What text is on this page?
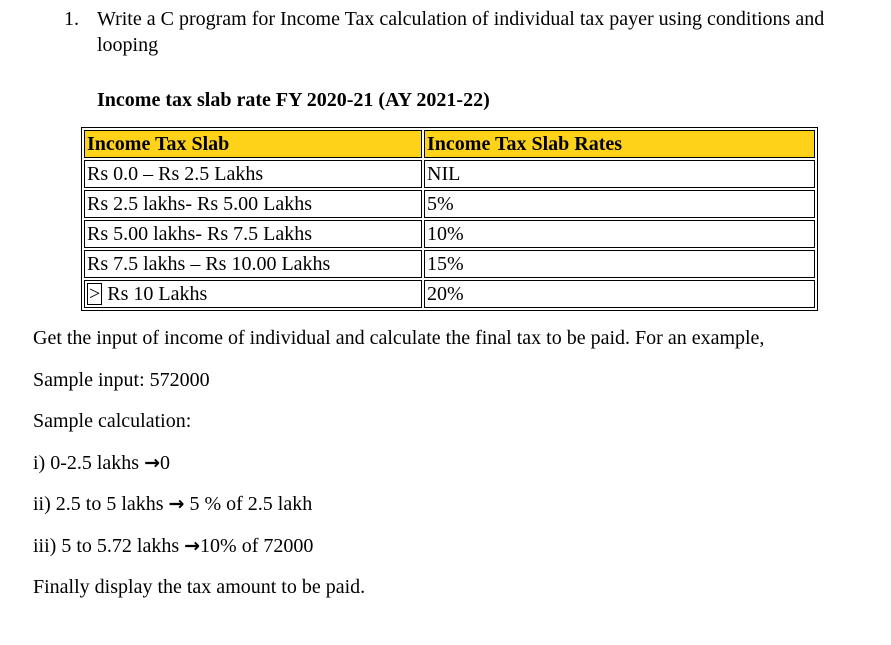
1. Write a C program for Income Tax calculation of individual tax payer using conditions and looping
Income tax slab rate FY 2020-21 (AY 2021-22)
Income Tax Slab	Income Tax Slab Rates
Rs 0.0 – Rs 2.5 Lakhs	NIL
Rs 2.5 lakhs- Rs 5.00 Lakhs	5%
Rs 5.00 lakhs- Rs 7.5 Lakhs	10%
Rs 7.5 lakhs – Rs 10.00 Lakhs	15%
> Rs 10 Lakhs	20%
Get the input of income of individual and calculate the final tax to be paid. For an example,
Sample input: 572000
Sample calculation:
i) 0-2.5 lakhs →0
ii) 2.5 to 5 lakhs → 5 % of 2.5 lakh
iii) 5 to 5.72 lakhs →10% of 72000
Finally display the tax amount to be paid.
